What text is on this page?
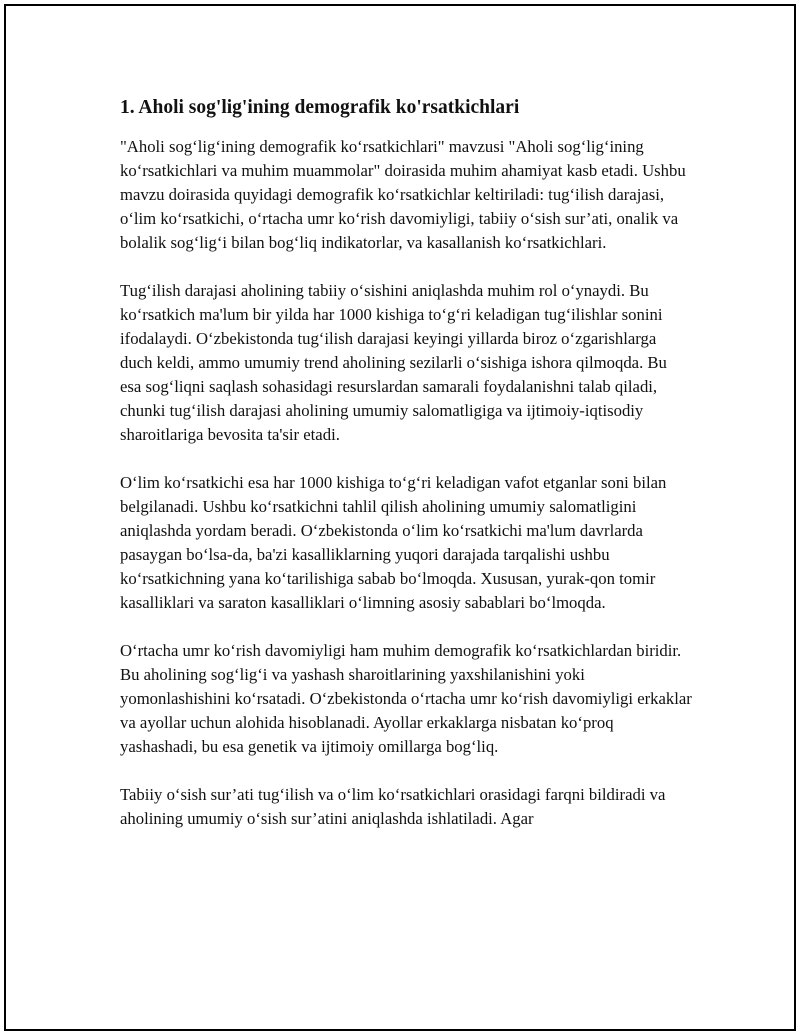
1. Aholi sog'lig'ining demografik ko'rsatkichlari

"Aholi sog‘lig‘ining demografik ko‘rsatkichlari" mavzusi "Aholi sog‘lig‘ining ko‘rsatkichlari va muhim muammolar" doirasida muhim ahamiyat kasb etadi. Ushbu mavzu doirasida quyidagi demografik ko‘rsatkichlar keltiriladi: tug‘ilish darajasi, o‘lim ko‘rsatkichi, o‘rtacha umr ko‘rish davomiyligi, tabiiy o‘sish sur’ati, onalik va bolalik sog‘lig‘i bilan bog‘liq indikatorlar, va kasallanish ko‘rsatkichlari.

Tug‘ilish darajasi aholining tabiiy o‘sishini aniqlashda muhim rol o‘ynaydi. Bu ko‘rsatkich ma'lum bir yilda har 1000 kishiga to‘g‘ri keladigan tug‘ilishlar sonini ifodalaydi. O‘zbekistonda tug‘ilish darajasi keyingi yillarda biroz o‘zgarishlarga duch keldi, ammo umumiy trend aholining sezilarli o‘sishiga ishora qilmoqda. Bu esa sog‘liqni saqlash sohasidagi resurslardan samarali foydalanishni talab qiladi, chunki tug‘ilish darajasi aholining umumiy salomatligiga va ijtimoiy-iqtisodiy sharoitlariga bevosita ta'sir etadi.

O‘lim ko‘rsatkichi esa har 1000 kishiga to‘g‘ri keladigan vafot etganlar soni bilan belgilanadi. Ushbu ko‘rsatkichni tahlil qilish aholining umumiy salomatligini aniqlashda yordam beradi. O‘zbekistonda o‘lim ko‘rsatkichi ma'lum davrlarda pasaygan bo‘lsa-da, ba'zi kasalliklarning yuqori darajada tarqalishi ushbu ko‘rsatkichning yana ko‘tarilishiga sabab bo‘lmoqda. Xususan, yurak-qon tomir kasalliklari va saraton kasalliklari o‘limning asosiy sabablari bo‘lmoqda.

O‘rtacha umr ko‘rish davomiyligi ham muhim demografik ko‘rsatkichlardan biridir. Bu aholining sog‘lig‘i va yashash sharoitlarining yaxshilanishini yoki yomonlashishini ko‘rsatadi. O‘zbekistonda o‘rtacha umr ko‘rish davomiyligi erkaklar va ayollar uchun alohida hisoblanadi. Ayollar erkaklarga nisbatan ko‘proq yashashadi, bu esa genetik va ijtimoiy omillarga bog‘liq.

Tabiiy o‘sish sur’ati tug‘ilish va o‘lim ko‘rsatkichlari orasidagi farqni bildiradi va aholining umumiy o‘sish sur’atini aniqlashda ishlatiladi. Agar
